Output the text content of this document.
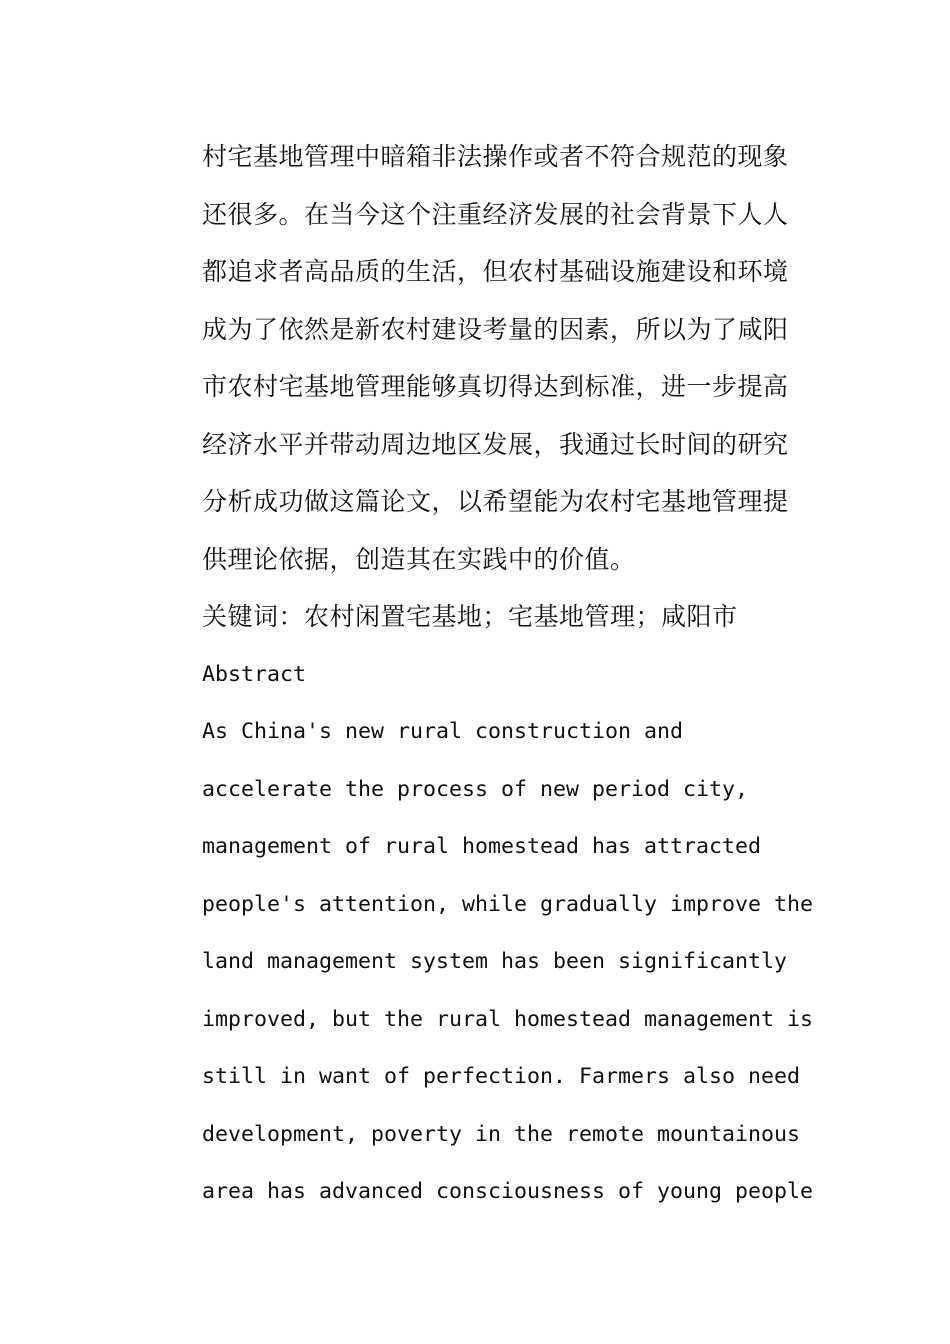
村宅基地管理中暗箱非法操作或者不符合规范的现象
还很多。在当今这个注重经济发展的社会背景下人人
都追求者高品质的生活，但农村基础设施建设和环境
成为了依然是新农村建设考量的因素，所以为了咸阳
市农村宅基地管理能够真切得达到标准，进一步提高
经济水平并带动周边地区发展，我通过长时间的研究
分析成功做这篇论文，以希望能为农村宅基地管理提
供理论依据，创造其在实践中的价值。
关键词：农村闲置宅基地；宅基地管理；咸阳市
Abstract
As China's new rural construction and
accelerate the process of new period city,
management of rural homestead has attracted
people's attention, while gradually improve the
land management system has been significantly
improved, but the rural homestead management is
still in want of perfection. Farmers also need
development, poverty in the remote mountainous
area has advanced consciousness of young people
